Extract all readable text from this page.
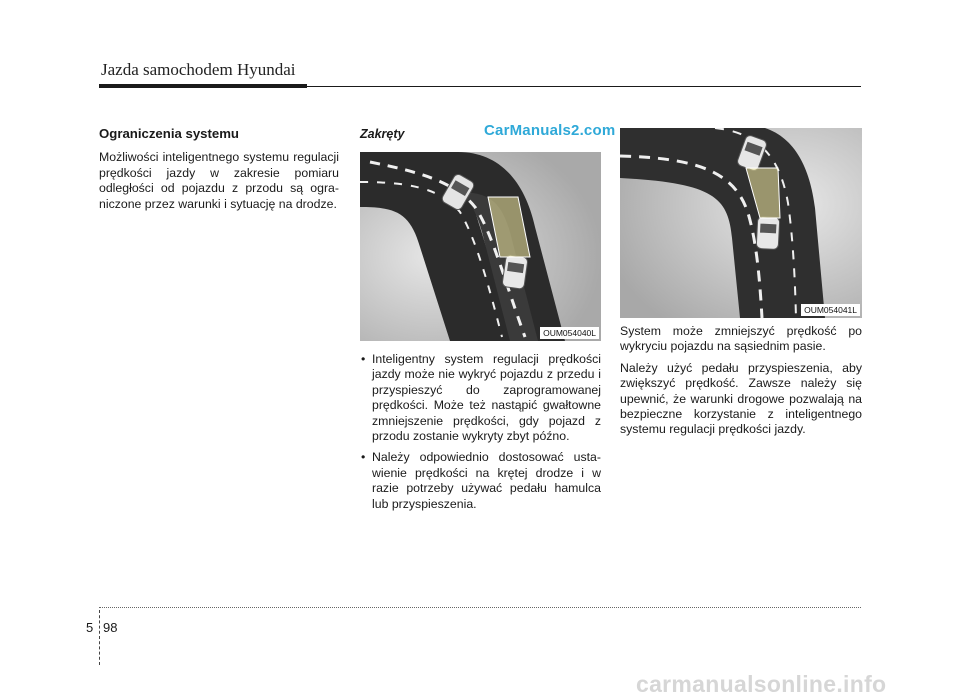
Jazda samochodem Hyundai

Ograniczenia systemu

Możliwości inteligentnego systemu regulacji prędkości jazdy w zakresie pomiaru odległości od pojazdu z przodu są ograniczone przez warunki i sytuację na drodze.

Zakręty	CarManuals2.com
OUM054040L
• Inteligentny system regulacji prędkości jazdy może nie wykryć pojazdu z przedu i przyspieszyć do zaprogramowanej prędkości. Może też nastąpić gwałtowne zmniejszenie prędkości, gdy pojazd z przodu zostanie wykryty zbyt późno.
• Należy odpowiednio dostosować ustawienie prędkości na krętej drodze i w razie potrzeby używać pedału hamulca lub przyspieszenia.
OUM054041L

System może zmniejszyć prędkość po wykryciu pojazdu na sąsiednim pasie.

Należy użyć pedału przyspieszenia, aby zwiększyć prędkość. Zawsze należy się upewnić, że warunki drogowe pozwalają na bezpieczne korzystanie z inteligentnego systemu regulacji prędkości jazdy.

5 98
carmanualsonline.info
